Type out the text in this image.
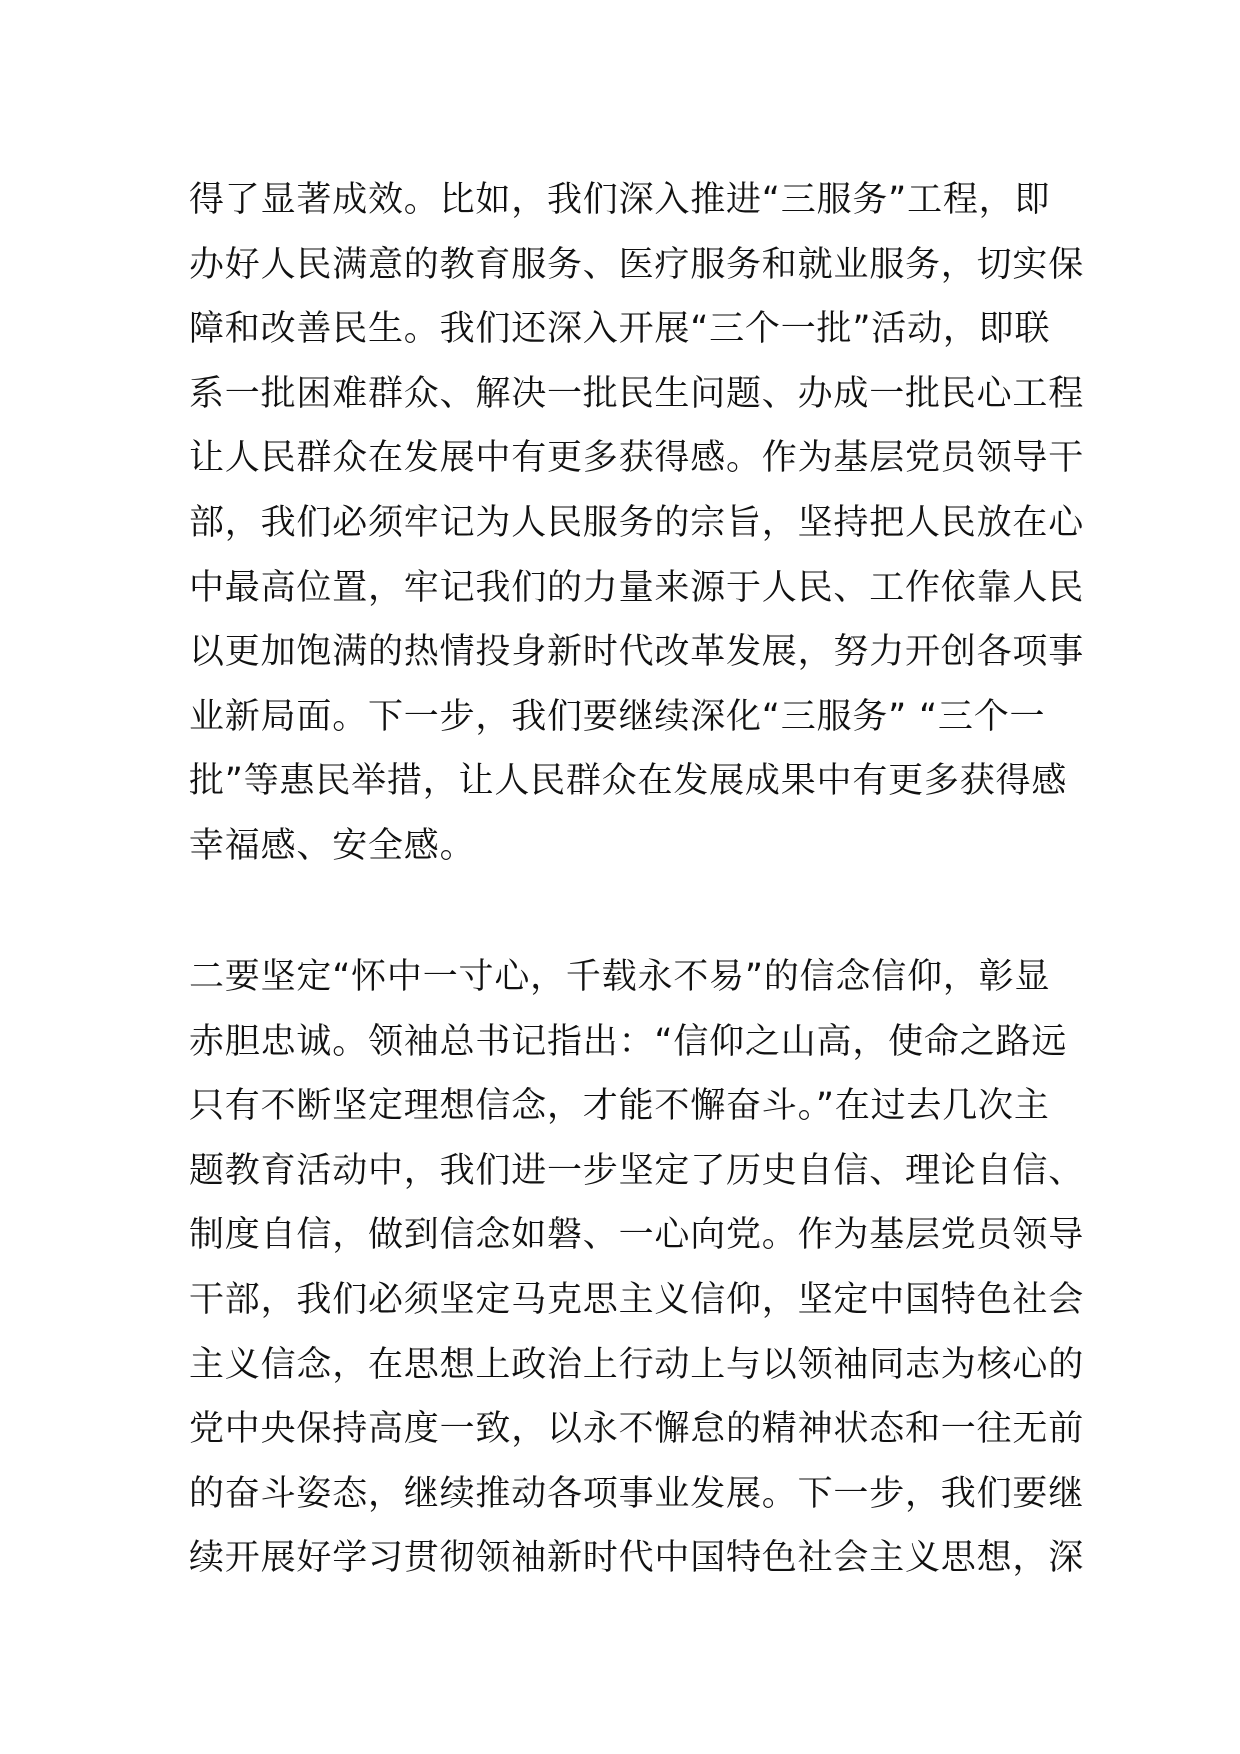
得了显著成效。比如，我们深入推进“三服务”工程，即
办好人民满意的教育服务、医疗服务和就业服务，切实保
障和改善民生。我们还深入开展“三个一批”活动，即联
系一批困难群众、解决一批民生问题、办成一批民心工程
让人民群众在发展中有更多获得感。作为基层党员领导干
部，我们必须牢记为人民服务的宗旨，坚持把人民放在心
中最高位置，牢记我们的力量来源于人民、工作依靠人民
以更加饱满的热情投身新时代改革发展，努力开创各项事
业新局面。下一步，我们要继续深化“三服务” “三个一
批”等惠民举措，让人民群众在发展成果中有更多获得感
幸福感、安全感。
二要坚定“怀中一寸心，千载永不易”的信念信仰，彰显
赤胆忠诚。领袖总书记指出：“信仰之山高，使命之路远
只有不断坚定理想信念，才能不懈奋斗。”在过去几次主
题教育活动中，我们进一步坚定了历史自信、理论自信、
制度自信，做到信念如磐、一心向党。作为基层党员领导
干部，我们必须坚定马克思主义信仰，坚定中国特色社会
主义信念，在思想上政治上行动上与以领袖同志为核心的
党中央保持高度一致，以永不懈怠的精神状态和一往无前
的奋斗姿态，继续推动各项事业发展。下一步，我们要继
续开展好学习贯彻领袖新时代中国特色社会主义思想，深
